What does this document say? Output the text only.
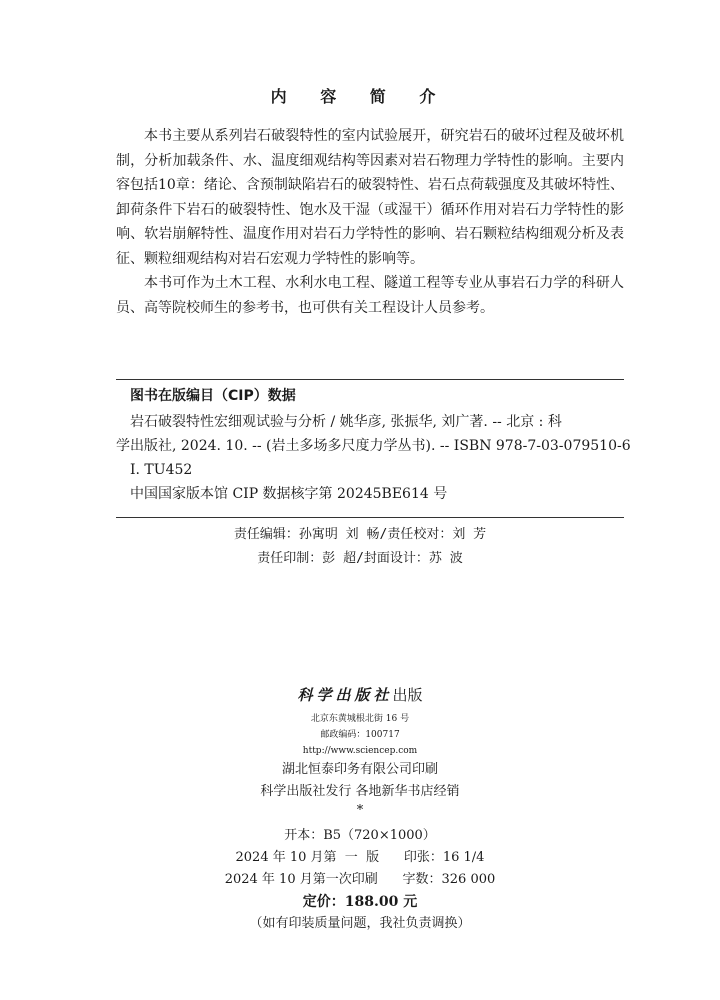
内 容 简 介

本书主要从系列岩石破裂特性的室内试验展开，研究岩石的破坏过程及破坏机制，分析加载条件、水、温度细观结构等因素对岩石物理力学特性的影响。主要内容包括10章：绪论、含预制缺陷岩石的破裂特性、岩石点荷载强度及其破坏特性、卸荷条件下岩石的破裂特性、饱水及干湿（或湿干）循环作用对岩石力学特性的影响、软岩崩解特性、温度作用对岩石力学特性的影响、岩石颗粒结构细观分析及表征、颗粒细观结构对岩石宏观力学特性的影响等。

本书可作为土木工程、水利水电工程、隧道工程等专业从事岩石力学的科研人员、高等院校师生的参考书，也可供有关工程设计人员参考。

图书在版编目（CIP）数据
岩石破裂特性宏细观试验与分析 / 姚华彦, 张振华, 刘广著. -- 北京 : 科
学出版社, 2024. 10. -- (岩土多场多尺度力学丛书). -- ISBN 978-7-03-079510-6
Ⅰ. TU452
中国国家版本馆 CIP 数据核字第 20245BE614 号
责任编辑：孙寓明 刘 畅/责任校对：刘 芳
责任印制：彭 超/封面设计：苏 波
科学出版社出版
北京东黄城根北街 16 号
邮政编码：100717
http://www.sciencep.com
湖北恒泰印务有限公司印刷
科学出版社发行 各地新华书店经销
*
开本：B5（720×1000）
2024 年 10 月第  一  版      印张：16 1/4
2024 年 10 月第一次印刷      字数：326 000
定价：188.00 元
（如有印装质量问题，我社负责调换）
